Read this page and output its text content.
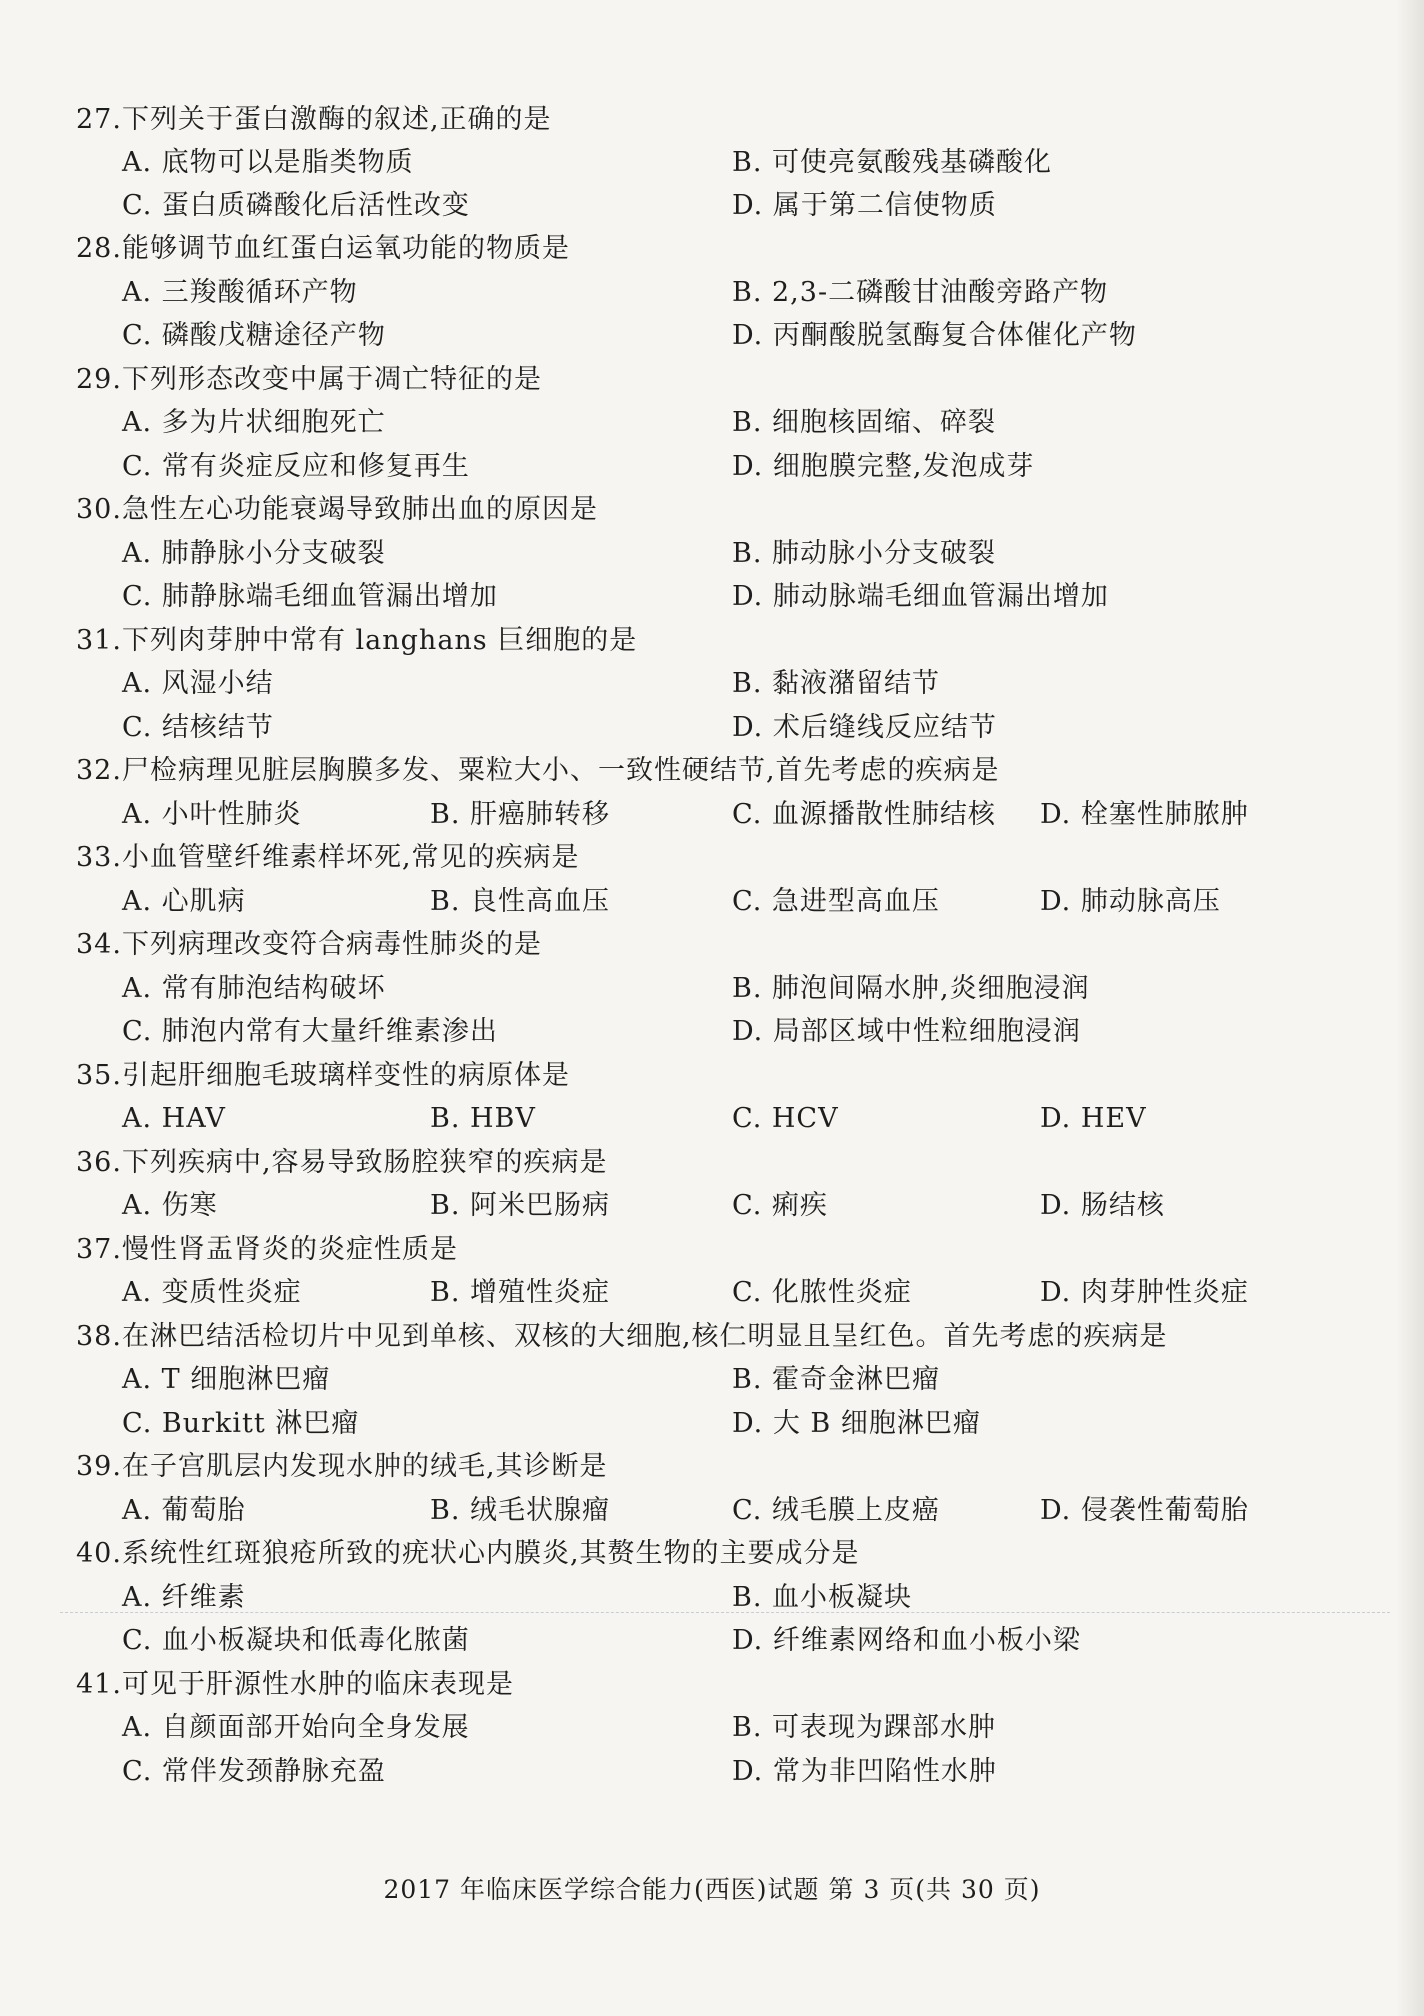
27.下列关于蛋白激酶的叙述,正确的是
A. 底物可以是脂类物质	B. 可使亮氨酸残基磷酸化
C. 蛋白质磷酸化后活性改变	D. 属于第二信使物质
28.能够调节血红蛋白运氧功能的物质是
A. 三羧酸循环产物	B. 2,3-二磷酸甘油酸旁路产物
C. 磷酸戊糖途径产物	D. 丙酮酸脱氢酶复合体催化产物
29.下列形态改变中属于凋亡特征的是
A. 多为片状细胞死亡	B. 细胞核固缩、碎裂
C. 常有炎症反应和修复再生	D. 细胞膜完整,发泡成芽
30.急性左心功能衰竭导致肺出血的原因是
A. 肺静脉小分支破裂	B. 肺动脉小分支破裂
C. 肺静脉端毛细血管漏出增加	D. 肺动脉端毛细血管漏出增加
31.下列肉芽肿中常有 langhans 巨细胞的是
A. 风湿小结	B. 黏液潴留结节
C. 结核结节	D. 术后缝线反应结节
32.尸检病理见脏层胸膜多发、粟粒大小、一致性硬结节,首先考虑的疾病是
A. 小叶性肺炎	B. 肝癌肺转移	C. 血源播散性肺结核 D. 栓塞性肺脓肿
33.小血管壁纤维素样坏死,常见的疾病是
A. 心肌病	B. 良性高血压	C. 急进型高血压	D. 肺动脉高压
34.下列病理改变符合病毒性肺炎的是
A. 常有肺泡结构破坏	B. 肺泡间隔水肿,炎细胞浸润
C. 肺泡内常有大量纤维素渗出	D. 局部区域中性粒细胞浸润
35.引起肝细胞毛玻璃样变性的病原体是
A. HAV	B. HBV	C. HCV	D. HEV
36.下列疾病中,容易导致肠腔狭窄的疾病是
A. 伤寒	B. 阿米巴肠病	C. 痢疾	D. 肠结核
37.慢性肾盂肾炎的炎症性质是
A. 变质性炎症	B. 增殖性炎症	C. 化脓性炎症	D. 肉芽肿性炎症
38.在淋巴结活检切片中见到单核、双核的大细胞,核仁明显且呈红色。首先考虑的疾病是
A. T 细胞淋巴瘤	B. 霍奇金淋巴瘤
C. Burkitt 淋巴瘤	D. 大 B 细胞淋巴瘤
39.在子宫肌层内发现水肿的绒毛,其诊断是
A. 葡萄胎	B. 绒毛状腺瘤	C. 绒毛膜上皮癌	D. 侵袭性葡萄胎
40.系统性红斑狼疮所致的疣状心内膜炎,其赘生物的主要成分是
A. 纤维素	B. 血小板凝块
C. 血小板凝块和低毒化脓菌	D. 纤维素网络和血小板小梁
41.可见于肝源性水肿的临床表现是
A. 自颜面部开始向全身发展	B. 可表现为踝部水肿
C. 常伴发颈静脉充盈	D. 常为非凹陷性水肿
2017 年临床医学综合能力(西医)试题 第 3 页(共 30 页)
